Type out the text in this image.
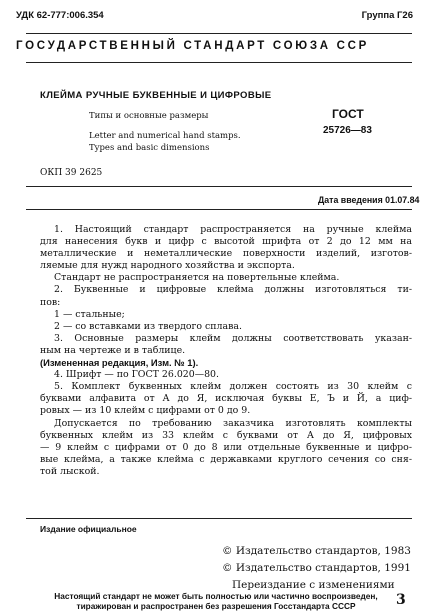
УДК 62-777:006.354	Группа Г26
ГОСУДАРСТВЕННЫЙ СТАНДАРТ СОЮЗА ССР
КЛЕЙМА РУЧНЫЕ БУКВЕННЫЕ И ЦИФРОВЫЕ
Типы и основные размеры
Letter and numerical hand stamps.
Types and basic dimensions
ГОСТ
25726—83
ОКП 39 2625
Дата введения 01.07.84

1. Настоящий стандарт распространяется на ручные клейма

для нанесения букв и цифр с высотой шрифта от 2 до 12 мм на

металлические и неметаллические поверхности изделий, изготов-

ляемые для нужд народного хозяйства и экспорта.

Стандарт не распространяется на повертельные клейма.

2. Буквенные и цифровые клейма должны изготовляться ти-

пов:

1 — стальные;

2 — со вставками из твердого сплава.

3. Основные размеры клейм должны соответствовать указан-

ным на чертеже и в таблице.

(Измененная редакция, Изм. № 1).

4. Шрифт — по ГОСТ 26.020—80.

5. Комплект буквенных клейм должен состоять из 30 клейм с

буквами алфавита от А до Я, исключая буквы Е, Ъ и Й, а циф-

ровых — из 10 клейм с цифрами от 0 до 9.

Допускается по требованию заказчика изготовлять комплекты

буквенных клейм из 33 клейм с буквами от А до Я, цифровых

— 9 клейм с цифрами от 0 до 8 или отдельные буквенные и цифро-

вые клейма, а также клейма с державками круглого сечения со сня-

той лыской.

Издание официальное
© Издательство стандартов, 1983
© Издательство стандартов, 1991
Переиздание с изменениями
Настоящий стандарт не может быть полностью или частично воспроизведен,
тиражирован и распространен без разрешения Госстандарта СССР	3
